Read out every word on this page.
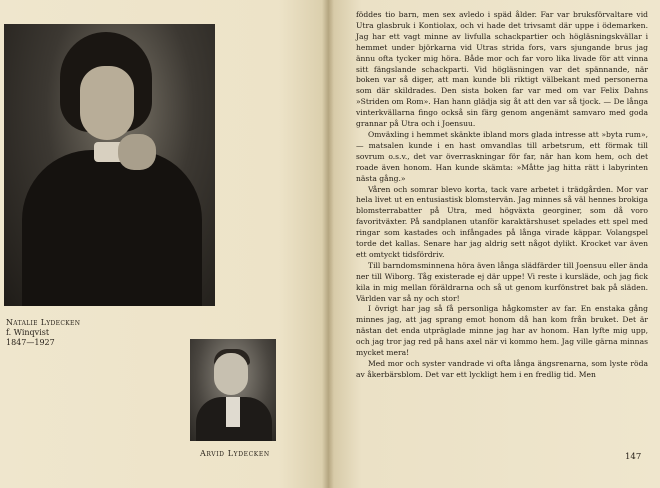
Natalie Lydecken
f. Winqvist
1847—1927
Arvid Lydecken

föddes tio barn, men sex avledo i späd ålder. Far var bruksförvaltare vid Utra glasbruk i Kontiolax, och vi hade det trivsamt där uppe i ödemarken. Jag har ett vagt minne av livfulla schackpartier och högläsningskvällar i hemmet under björkarna vid Utras strida fors, vars sjungande brus jag ännu ofta tycker mig höra. Både mor och far voro lika livade för att vinna sitt fängslande schackparti. Vid högläsningen var det spännande, när boken var så diger, att man kunde bli riktigt välbekant med personerna som där skildrades. Den sista boken far var med om var Felix Dahns »Striden om Rom». Han hann glädja sig åt att den var så tjock. — De långa vinterkvällarna fingo också sin färg genom angenämt samvaro med goda grannar på Utra och i Joensuu.

Omväxling i hemmet skänkte ibland mors glada intresse att »byta rum», — matsalen kunde i en hast omvandlas till arbetsrum, ett förmak till sovrum o.s.v., det var överraskningar för far, när han kom hem, och det roade även honom. Han kunde skämta: »Måtte jag hitta rätt i labyrinten nästa gång.»

Våren och somrar blevo korta, tack vare arbetet i trädgården. Mor var hela livet ut en entusiastisk blomstervän. Jag minnes så väl hennes brokiga blomsterrabatter på Utra, med högväxta georginer, som då voro favoritväxter. På sandplanen utanför karaktärshuset spelades ett spel med ringar som kastades och infångades på långa virade käppar. Volangspel torde det kallas. Senare har jag aldrig sett något dylikt. Krocket var även ett omtyckt tidsfördriv.

Till barndomsminnena höra även långa slädfärder till Joensuu eller ända ner till Wiborg. Tåg existerade ej där uppe! Vi reste i kurslädе, och jag fick kila in mig mellan föräldrarna och så ut genom kurfönstret bak på släden. Världen var så ny och stor!

I övrigt har jag så få personliga hågkomster av far. En enstaka gång minnes jag, att jag sprang emot honom då han kom från bruket. Det är nästan det enda utpräglade minne jag har av honom. Han lyfte mig upp, och jag tror jag red på hans axel när vi kommo hem. Jag ville gärna minnas mycket mera!

Med mor och syster vandrade vi ofta långa ängsrenarna, som lyste röda av åkerbärsblom. Det var ett lyckligt hem i en fredlig tid. Men

147
